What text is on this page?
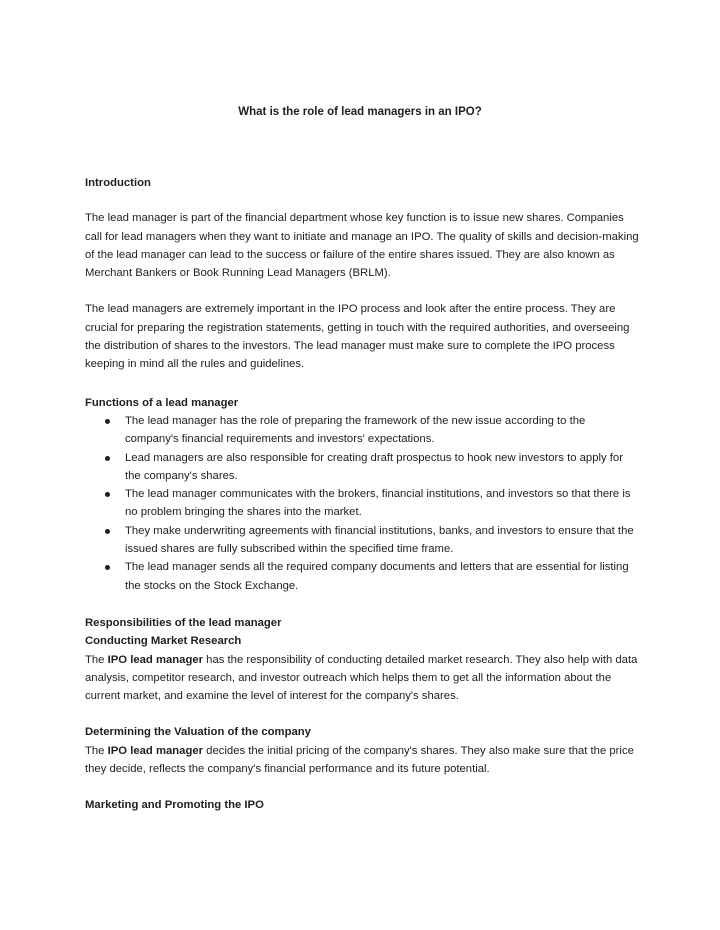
What is the role of lead managers in an IPO?

Introduction

The lead manager is part of the financial department whose key function is to issue new shares. Companies call for lead managers when they want to initiate and manage an IPO. The quality of skills and decision-making of the lead manager can lead to the success or failure of the entire shares issued. They are also known as Merchant Bankers or Book Running Lead Managers (BRLM).

The lead managers are extremely important in the IPO process and look after the entire process. They are crucial for preparing the registration statements, getting in touch with the required authorities, and overseeing the distribution of shares to the investors. The lead manager must make sure to complete the IPO process keeping in mind all the rules and guidelines.

Functions of a lead manager

The lead manager has the role of preparing the framework of the new issue according to the company's financial requirements and investors' expectations.
Lead managers are also responsible for creating draft prospectus to hook new investors to apply for the company's shares.
The lead manager communicates with the brokers, financial institutions, and investors so that there is no problem bringing the shares into the market.
They make underwriting agreements with financial institutions, banks, and investors to ensure that the issued shares are fully subscribed within the specified time frame.
The lead manager sends all the required company documents and letters that are essential for listing the stocks on the Stock Exchange.

Responsibilities of the lead manager

Conducting Market Research

The IPO lead manager has the responsibility of conducting detailed market research. They also help with data analysis, competitor research, and investor outreach which helps them to get all the information about the current market, and examine the level of interest for the company's shares.

Determining the Valuation of the company

The IPO lead manager decides the initial pricing of the company's shares. They also make sure that the price they decide, reflects the company's financial performance and its future potential.

Marketing and Promoting the IPO
